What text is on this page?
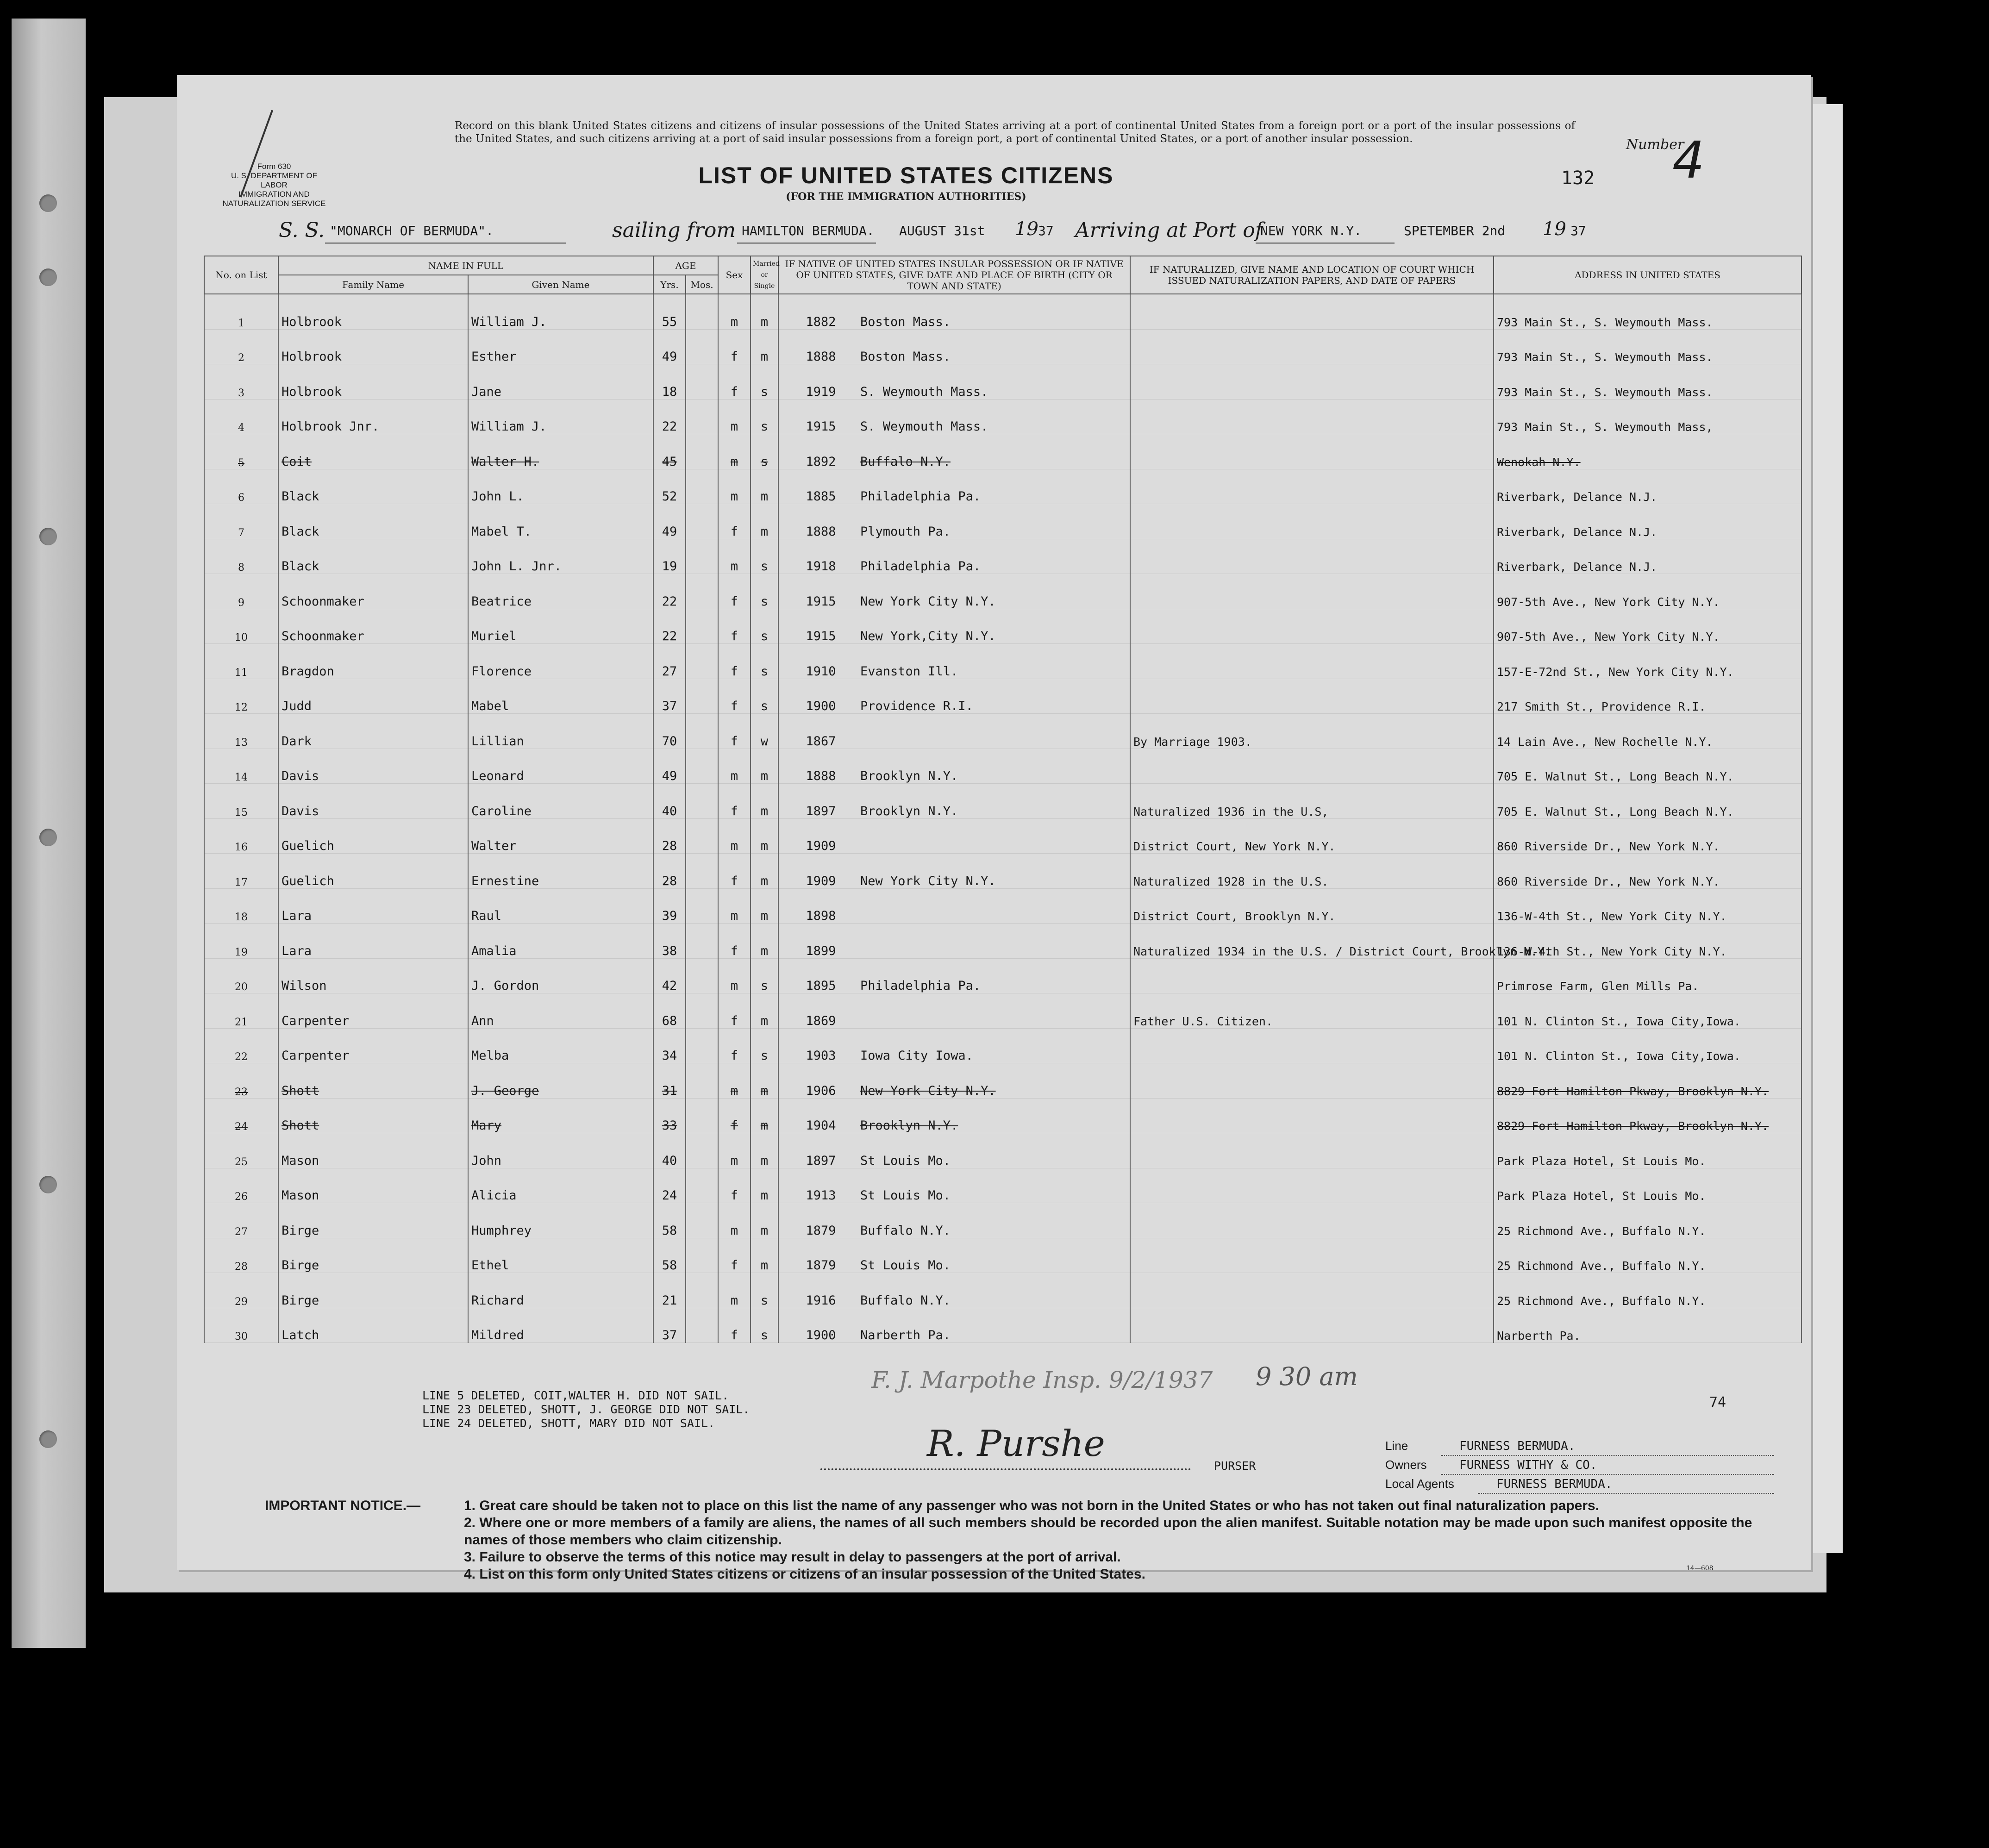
Form 630
U. S. DEPARTMENT OF LABOR
IMMIGRATION AND NATURALIZATION SERVICE
Record on this blank United States citizens and citizens of insular possessions of the United States arriving at a port of continental United States from a foreign port or a port of the insular possessions of the United States, and such citizens arriving at a port of said insular possessions from a foreign port, a port of continental United States, or a port of another insular possession.
LIST OF UNITED STATES CITIZENS
(FOR THE IMMIGRATION AUTHORITIES)
Number
4
132
S. S. "MONARCH OF BERMUDA".	sailing from HAMILTON BERMUDA. AUGUST 31st 19 37 Arriving at Port of
NEW YORK N.Y.	SPETEMBER 2nd 19 37
No. on List	NAME IN FULL		AGE		Sex	Married or Single	IF NATIVE OF UNITED STATES INSULAR POSSESSION OR IF NATIVE OF UNITED STATES, GIVE DATE AND PLACE OF BIRTH (CITY OR TOWN AND STATE)	IF NATURALIZED, GIVE NAME AND LOCATION OF COURT WHICH ISSUED NATURALIZATION PAPERS, AND DATE OF PAPERS	ADDRESS IN UNITED STATES
	Family Name	Given Name	Yrs.	Mos.					
1	Holbrook	William J.	55		m	m	1882 Boston Mass.		793 Main St., S. Weymouth Mass.
2	Holbrook	Esther	49		f	m	1888 Boston Mass.		793 Main St., S. Weymouth Mass.
3	Holbrook	Jane	18		f	s	1919 S. Weymouth Mass.		793 Main St., S. Weymouth Mass.
4	Holbrook Jnr.	William J.	22		m	s	1915 S. Weymouth Mass.		793 Main St., S. Weymouth Mass,
5	Coit	Walter H.	45		m	s	1892 Buffalo N.Y.		Wenokah N.Y.
6	Black	John L.	52		m	m	1885 Philadelphia Pa.		Riverbark, Delance N.J.
7	Black	Mabel T.	49		f	m	1888 Plymouth Pa.		Riverbark, Delance N.J.
8	Black	John L. Jnr.	19		m	s	1918 Philadelphia Pa.		Riverbark, Delance N.J.
9	Schoonmaker	Beatrice	22		f	s	1915 New York City N.Y.		907-5th Ave., New York City N.Y.
10	Schoonmaker	Muriel	22		f	s	1915 New York,City N.Y.		907-5th Ave., New York City N.Y.
11	Bragdon	Florence	27		f	s	1910 Evanston Ill.		157-E-72nd St., New York City N.Y.
12	Judd	Mabel	37		f	s	1900 Providence R.I.		217 Smith St., Providence R.I.
13	Dark	Lillian	70		f	w	1867	By Marriage 1903.	14 Lain Ave., New Rochelle N.Y.
14	Davis	Leonard	49		m	m	1888 Brooklyn N.Y.		705 E. Walnut St., Long Beach N.Y.
15	Davis	Caroline	40		f	m	1897 Brooklyn N.Y.	Naturalized 1936 in the U.S,	705 E. Walnut St., Long Beach N.Y.
16	Guelich	Walter	28		m	m	1909	District Court, New York N.Y.	860 Riverside Dr., New York N.Y.
17	Guelich	Ernestine	28		f	m	1909 New York City N.Y.	Naturalized 1928 in the U.S.	860 Riverside Dr., New York N.Y.
18	Lara	Raul	39		m	m	1898	District Court, Brooklyn N.Y.	136-W-4th St., New York City N.Y.
19	Lara	Amalia	38		f	m	1899	Naturalized 1934 in the U.S. / District Court, Brooklyn N.Y.	136-W-4th St., New York City N.Y.
20	Wilson	J. Gordon	42		m	s	1895 Philadelphia Pa.		Primrose Farm, Glen Mills Pa.
21	Carpenter	Ann	68		f	m	1869	Father U.S. Citizen.	101 N. Clinton St., Iowa City,Iowa.
22	Carpenter	Melba	34		f	s	1903 Iowa City Iowa.		101 N. Clinton St., Iowa City,Iowa.
23	Shott	J. George	31		m	m	1906 New York City N.Y.		8829 Fort Hamilton Pkway, Brooklyn N.Y.
24	Shott	Mary	33		f	m	1904 Brooklyn N.Y.		8829 Fort Hamilton Pkway, Brooklyn N.Y.
25	Mason	John	40		m	m	1897 St Louis Mo.		Park Plaza Hotel, St Louis Mo.
26	Mason	Alicia	24		f	m	1913 St Louis Mo.		Park Plaza Hotel, St Louis Mo.
27	Birge	Humphrey	58		m	m	1879 Buffalo N.Y.		25 Richmond Ave., Buffalo N.Y.
28	Birge	Ethel	58		f	m	1879 St Louis Mo.		25 Richmond Ave., Buffalo N.Y.
29	Birge	Richard	21		m	s	1916 Buffalo N.Y.		25 Richmond Ave., Buffalo N.Y.
30	Latch	Mildred	37		f	s	1900 Narberth Pa.		Narberth Pa.
LINE 5 DELETED, COIT,WALTER H. DID NOT SAIL.
LINE 23 DELETED, SHOTT, J. GEORGE DID NOT SAIL.
LINE 24 DELETED, SHOTT, MARY DID NOT SAIL.
F. J. Marpothe Insp. 9/2/1937 9 30 am
74
R. Purshe
PURSER
Line	FURNESS BERMUDA.
Owners	FURNESS WITHY & CO.
Local Agents	FURNESS BERMUDA.

IMPORTANT NOTICE.—	1. Great care should be taken not to place on this list the name of any passenger who was not born in the United States or who has not taken out final naturalization papers.

2. Where one or more members of a family are aliens, the names of all such members should be recorded upon the alien manifest. Suitable notation may be made upon such manifest opposite the names of those members who claim citizenship.

3. Failure to observe the terms of this notice may result in delay to passengers at the port of arrival.

4. List on this form only United States citizens or citizens of an insular possession of the United States.	14—608
